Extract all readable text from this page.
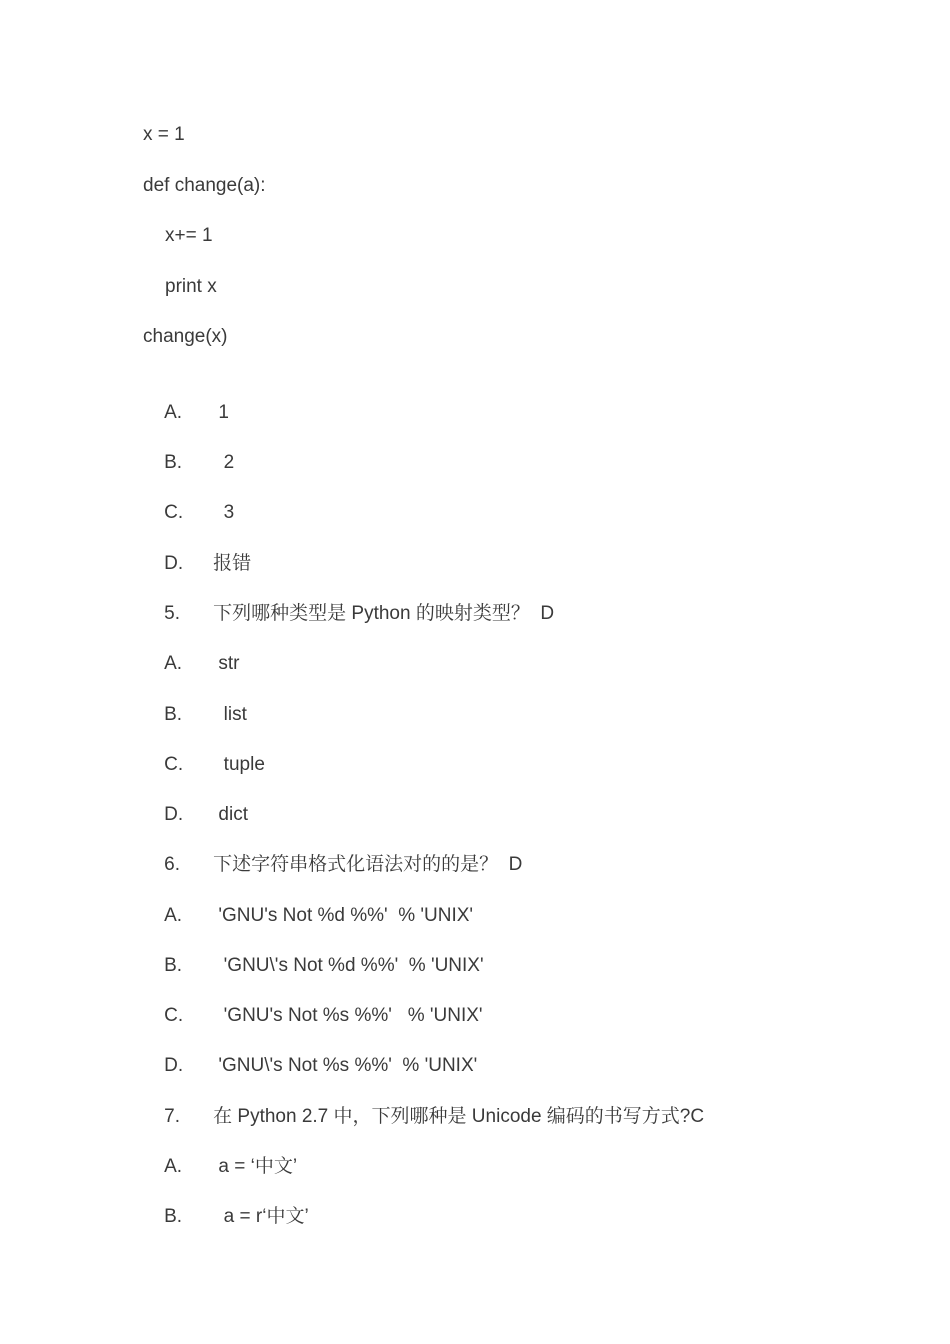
x = 1
def change(a):
x+= 1
print x
change(x)

A. 1

B.  2

C.  3

D. 报错

5. 下列哪种类型是 Python 的映射类型？  D

A. str

B.  list

C.  tuple

D. dict

6. 下述字符串格式化语法对的的是？  D

A. 'GNU's Not %d %%'  % 'UNIX'

B.  'GNU\'s Not %d %%'  % 'UNIX'

C.  'GNU's Not %s %%'   % 'UNIX'

D. 'GNU\'s Not %s %%'  % 'UNIX'

7. 在 Python 2.7 中，下列哪种是 Unicode 编码的书写方式?C

A. a = ‘中文’

B.  a = r‘中文’
